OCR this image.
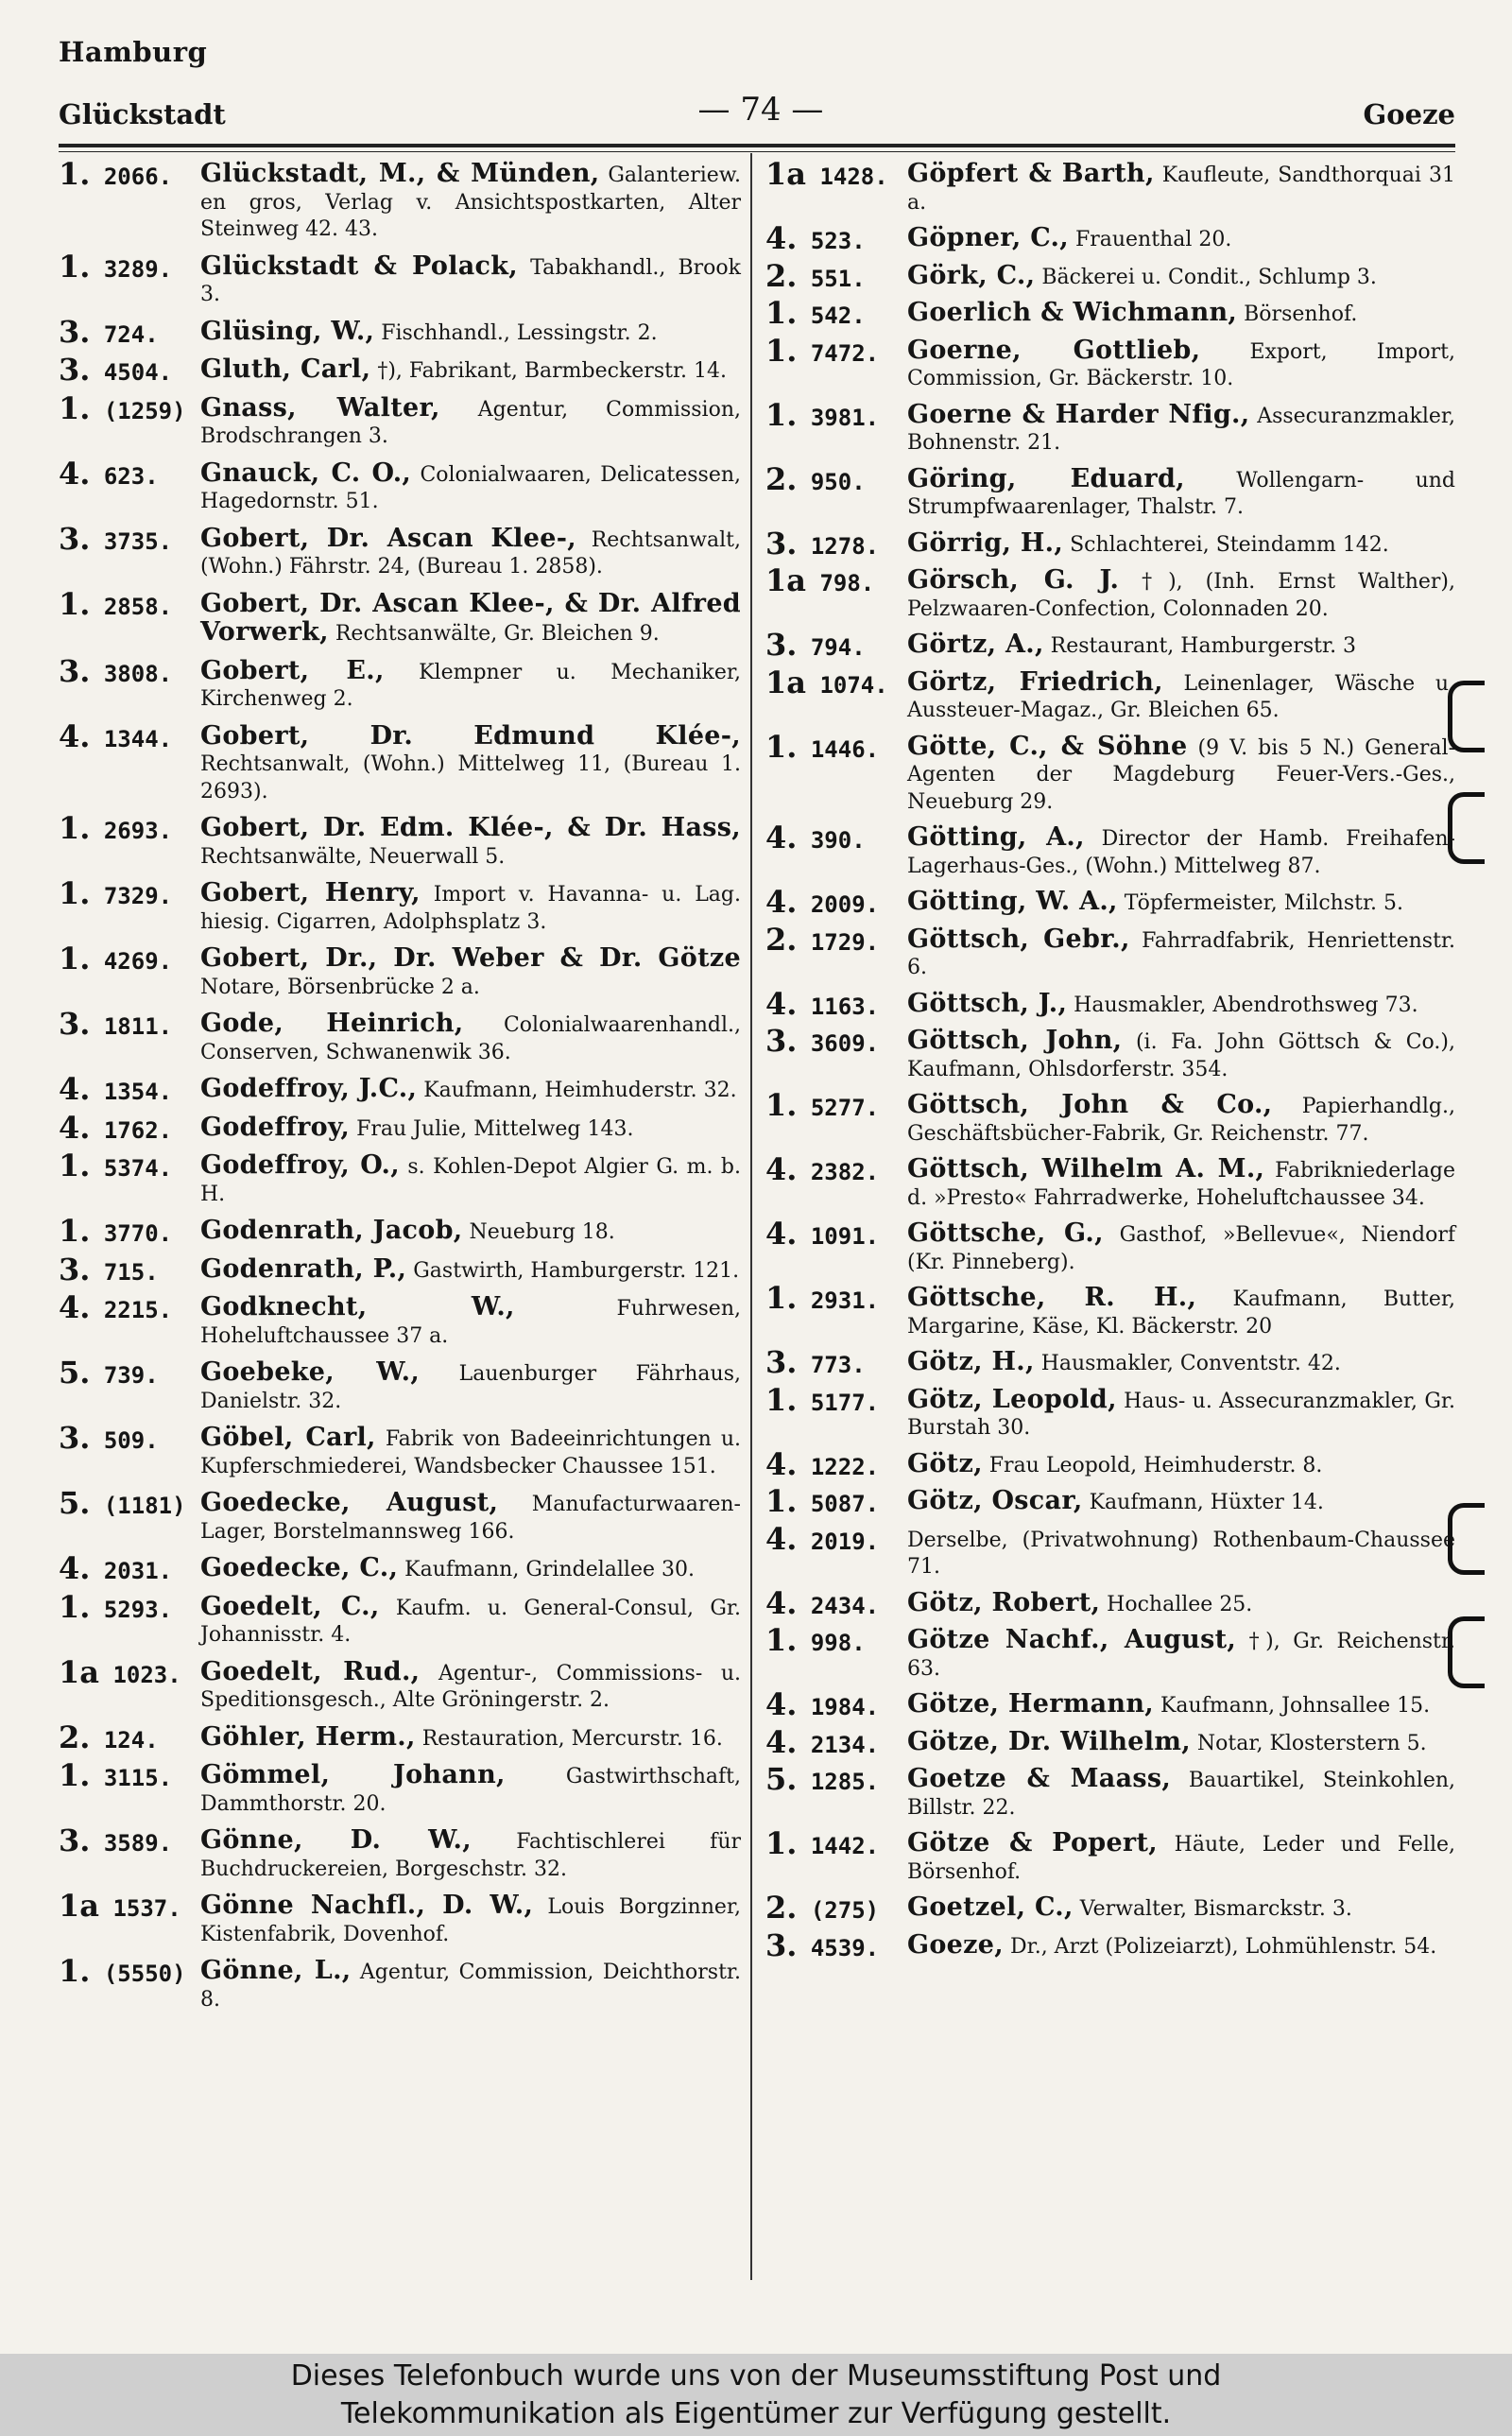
Hamburg
Glückstadt	— 74 —	Goeze
1. 2066.	Glückstadt, M., & Münden, Galanteriew. en gros, Verlag v. Ansichtspostkarten, Alter Steinweg 42. 43.
1. 3289.	Glückstadt & Polack, Tabakhandl., Brook 3.
3. 724.	Glüsing, W., Fischhandl., Lessingstr. 2.
3. 4504.	Gluth, Carl, †), Fabrikant, Barmbeckerstr. 14.
1. (1259) Gnass, Walter, Agentur, Commission, Brodschrangen 3.
4. 623.	Gnauck, C. O., Colonialwaaren, Delicatessen, Hagedornstr. 51.
3. 3735.	Gobert, Dr. Ascan Klee-, Rechtsanwalt, (Wohn.) Fährstr. 24, (Bureau 1. 2858).
1. 2858.	Gobert, Dr. Ascan Klee-, & Dr. Alfred Vorwerk, Rechtsanwälte, Gr. Bleichen 9.
3. 3808.	Gobert, E., Klempner u. Mechaniker, Kirchenweg 2.
4. 1344.	Gobert, Dr. Edmund Klée-, Rechtsanwalt, (Wohn.) Mittelweg 11, (Bureau 1. 2693).
1. 2693.	Gobert, Dr. Edm. Klée-, & Dr. Hass, Rechtsanwälte, Neuerwall 5.
1. 7329.	Gobert, Henry, Import v. Havanna- u. Lag. hiesig. Cigarren, Adolphsplatz 3.
1. 4269.	Gobert, Dr., Dr. Weber & Dr. Götze Notare, Börsenbrücke 2 a.
3. 1811.	Gode, Heinrich, Colonialwaarenhandl., Conserven, Schwanenwik 36.
4. 1354.	Godeffroy, J.C., Kaufmann, Heimhuderstr. 32.
4. 1762.	Godeffroy, Frau Julie, Mittelweg 143.
1. 5374.	Godeffroy, O., s. Kohlen-Depot Algier G. m. b. H.
1. 3770.	Godenrath, Jacob, Neueburg 18.
3. 715.	Godenrath, P., Gastwirth, Hamburgerstr. 121.
4. 2215.	Godknecht, W.,	Fuhrwesen, Hoheluftchaussee 37 a.
5. 739.	Goebeke, W., Lauenburger Fährhaus, Danielstr. 32.
3. 509.	Göbel, Carl, Fabrik von Badeeinrichtungen u. Kupferschmiederei, Wandsbecker Chaussee 151.
5. (1181) Goedecke, August, Manufacturwaaren-Lager, Borstelmannsweg 166.
4. 2031.	Goedecke, C., Kaufmann, Grindelallee 30.
1. 5293.	Goedelt, C., Kaufm. u. General-Consul, Gr. Johannisstr. 4.
1a 1023. Goedelt, Rud., Agentur-, Commissions- u. Speditionsgesch., Alte Gröningerstr. 2.
2. 124.	Göhler, Herm., Restauration, Mercurstr. 16.
1. 3115.	Gömmel, Johann,	Gastwirthschaft, Dammthorstr. 20.
3. 3589.	Gönne, D. W., Fachtischlerei für Buchdruckereien, Borgeschstr. 32.
1a 1537. Gönne Nachfl., D. W., Louis Borgzinner, Kistenfabrik, Dovenhof.
1. (5550) Gönne, L., Agentur, Commission, Deichthorstr. 8.
1a 1428. Göpfert & Barth, Kaufleute, Sandthorquai 31 a.
4. 523.	Göpner, C., Frauenthal 20.
2. 551.	Görk, C., Bäckerei u. Condit., Schlump 3.
1. 542.	Goerlich & Wichmann, Börsenhof.
1. 7472.	Goerne, Gottlieb, Export, Import, Commission, Gr. Bäckerstr. 10.
1. 3981.	Goerne & Harder Nfig., Assecuranzmakler, Bohnenstr. 21.
2. 950.	Göring, Eduard, Wollengarn- und Strumpfwaarenlager, Thalstr. 7.
3. 1278.	Görrig, H., Schlachterei, Steindamm 142.
1a 798.	Görsch, G. J. †), (Inh. Ernst Walther), Pelzwaaren-Confection, Colonnaden 20.
3. 794.	Görtz, A., Restaurant, Hamburgerstr. 3
1a 1074. Görtz, Friedrich, Leinenlager, Wäsche u. Aussteuer-Magaz., Gr. Bleichen 65.
1. 1446.	Götte, C., & Söhne (9 V. bis 5 N.) General-Agenten der Magdeburg Feuer-Vers.-Ges., Neueburg 29.
4. 390.	Götting, A., Director der Hamb. Freihafen-Lagerhaus-Ges., (Wohn.) Mittelweg 87.
4. 2009.	Götting, W. A., Töpfermeister, Milchstr. 5.
2. 1729.	Göttsch, Gebr., Fahrradfabrik, Henriettenstr. 6.
4. 1163.	Göttsch, J., Hausmakler, Abendrothsweg 73.
3. 3609.	Göttsch, John, (i. Fa. John Göttsch & Co.), Kaufmann, Ohlsdorferstr. 354.
1. 5277.	Göttsch, John & Co., Papierhandlg., Geschäftsbücher-Fabrik, Gr. Reichenstr. 77.
4. 2382.	Göttsch, Wilhelm A. M., Fabrikniederlage d. »Presto« Fahrradwerke, Hoheluftchaussee 34.
4. 1091.	Göttsche, G., Gasthof, »Bellevue«, Niendorf (Kr. Pinneberg).
1. 2931.	Göttsche, R. H., Kaufmann, Butter, Margarine, Käse, Kl. Bäckerstr. 20
3. 773.	Götz, H., Hausmakler, Conventstr. 42.
1. 5177.	Götz, Leopold, Haus- u. Assecuranzmakler, Gr. Burstah 30.
4. 1222.	Götz, Frau Leopold, Heimhuderstr. 8.
1. 5087.	Götz, Oscar, Kaufmann, Hüxter 14.
4. 2019.	Derselbe, (Privatwohnung) Rothenbaum-Chaussee 71.
4. 2434.	Götz, Robert, Hochallee 25.
1. 998.	Götze Nachf., August, †), Gr. Reichenstr. 63.
4. 1984.	Götze, Hermann, Kaufmann, Johnsallee 15.
4. 2134.	Götze, Dr. Wilhelm, Notar, Klosterstern 5.
5. 1285.	Goetze & Maass, Bauartikel, Steinkohlen, Billstr. 22.
1. 1442.	Götze & Popert, Häute, Leder und Felle, Börsenhof.
2. (275)	Goetzel, C., Verwalter, Bismarckstr. 3.
3. 4539.	Goeze, Dr., Arzt (Polizeiarzt), Lohmühlenstr. 54.
Dieses Telefonbuch wurde uns von der Museumsstiftung Post und
Telekommunikation als Eigentümer zur Verfügung gestellt.
